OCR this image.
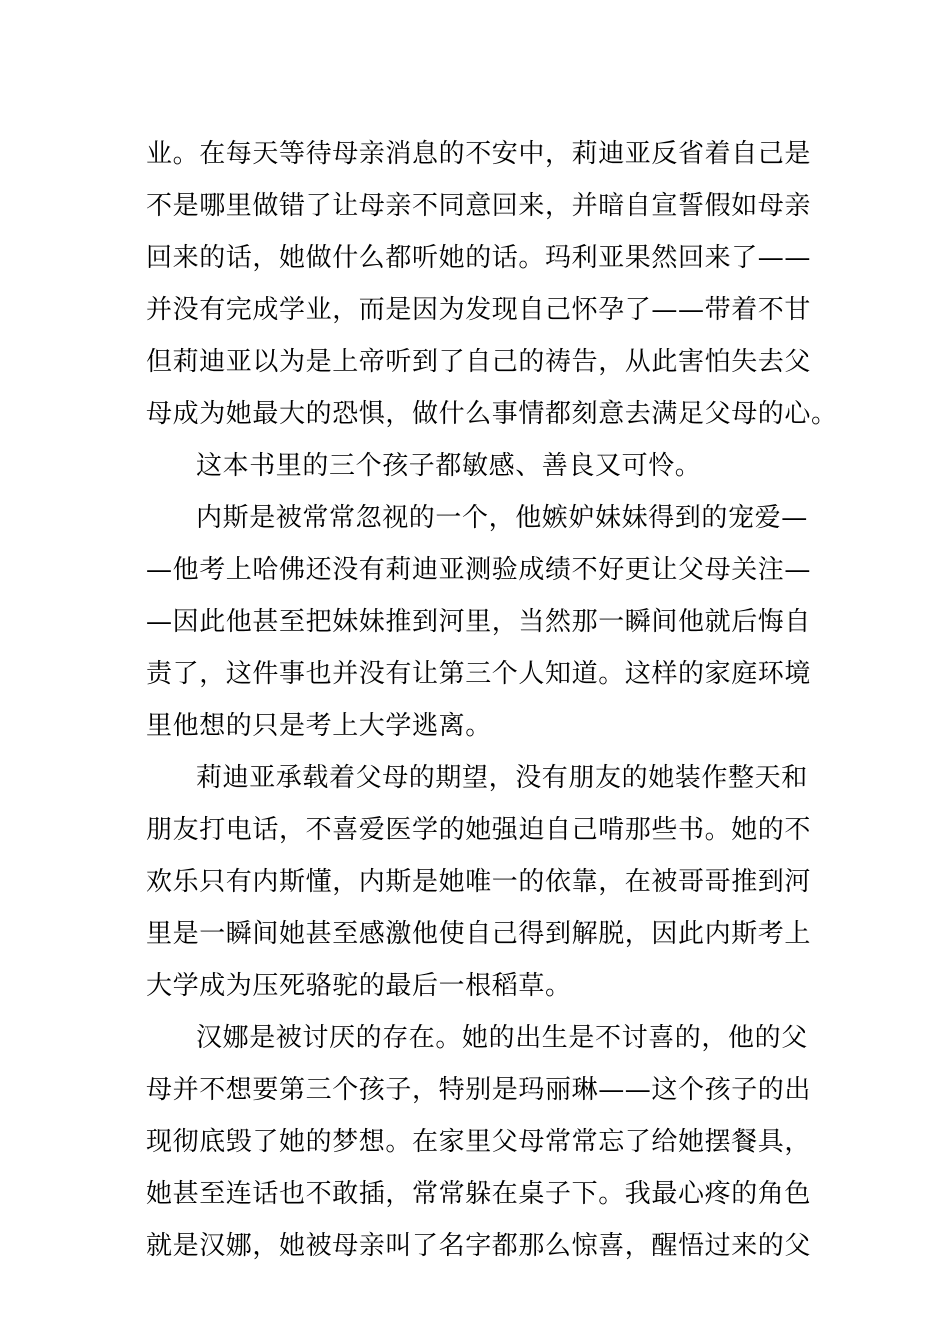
业。在每天等待母亲消息的不安中，莉迪亚反省着自己是
不是哪里做错了让母亲不同意回来，并暗自宣誓假如母亲
回来的话，她做什么都听她的话。玛利亚果然回来了——
并没有完成学业，而是因为发现自己怀孕了——带着不甘
但莉迪亚以为是上帝听到了自己的祷告，从此害怕失去父
母成为她最大的恐惧，做什么事情都刻意去满足父母的心。
这本书里的三个孩子都敏感、善良又可怜。
内斯是被常常忽视的一个，他嫉妒妹妹得到的宠爱—
—他考上哈佛还没有莉迪亚测验成绩不好更让父母关注—
—因此他甚至把妹妹推到河里，当然那一瞬间他就后悔自
责了，这件事也并没有让第三个人知道。这样的家庭环境
里他想的只是考上大学逃离。
莉迪亚承载着父母的期望，没有朋友的她装作整天和
朋友打电话，不喜爱医学的她强迫自己啃那些书。她的不
欢乐只有内斯懂，内斯是她唯一的依靠，在被哥哥推到河
里是一瞬间她甚至感激他使自己得到解脱，因此内斯考上
大学成为压死骆驼的最后一根稻草。
汉娜是被讨厌的存在。她的出生是不讨喜的，他的父
母并不想要第三个孩子，特别是玛丽琳——这个孩子的出
现彻底毁了她的梦想。在家里父母常常忘了给她摆餐具，
她甚至连话也不敢插，常常躲在桌子下。我最心疼的角色
就是汉娜，她被母亲叫了名字都那么惊喜，醒悟过来的父
